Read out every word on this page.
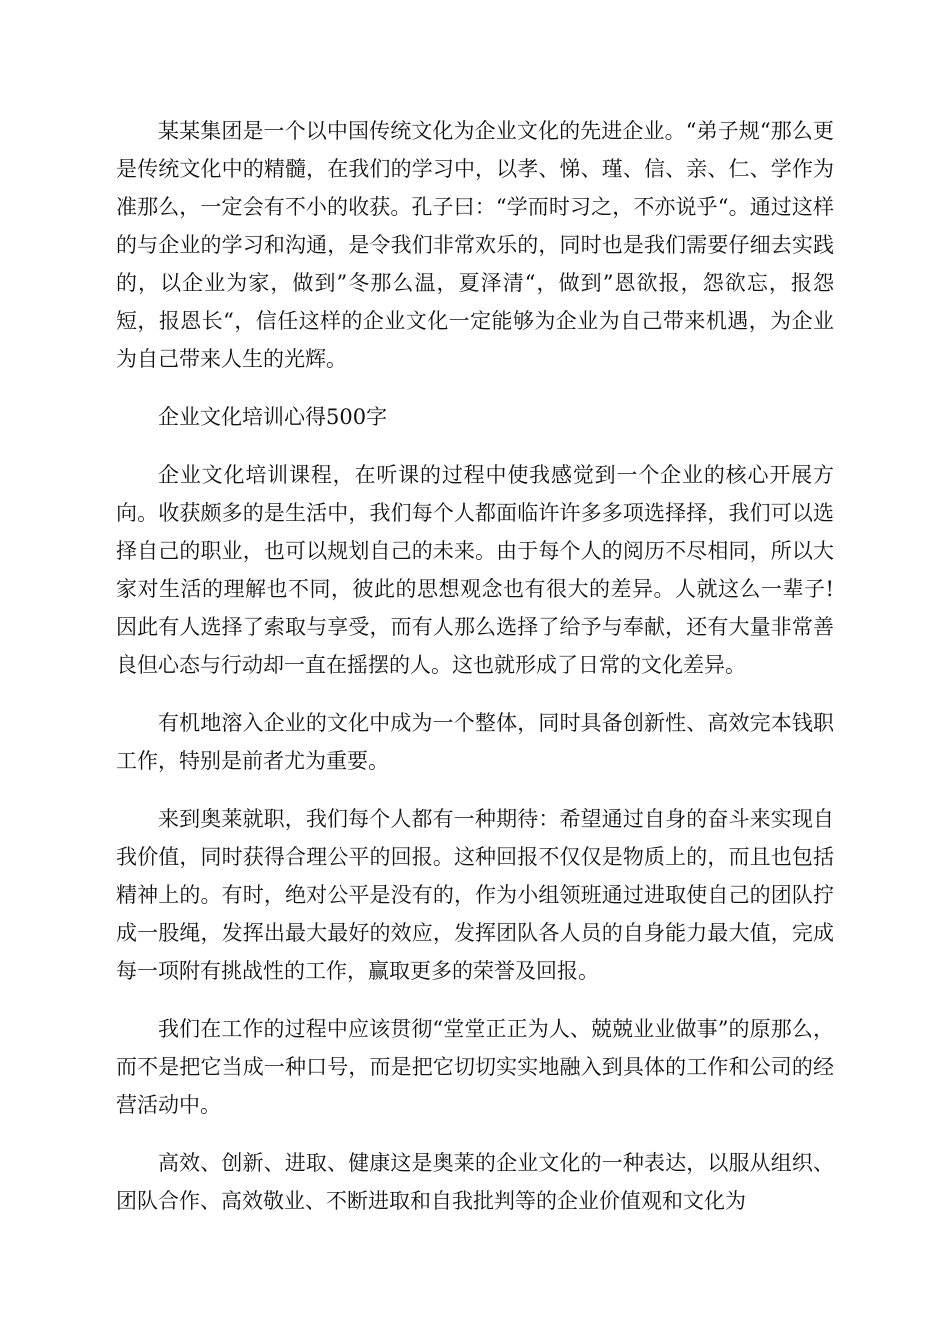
某某集团是一个以中国传统文化为企业文化的先进企业。“弟子规“那么更是传统文化中的精髓，在我们的学习中，以孝、悌、瑾、信、亲、仁、学作为准那么，一定会有不小的收获。孔子曰：“学而时习之，不亦说乎“。通过这样的与企业的学习和沟通，是令我们非常欢乐的，同时也是我们需要仔细去实践的，以企业为家，做到”冬那么温，夏泽清“，做到”恩欲报，怨欲忘，报怨短，报恩长“，信任这样的企业文化一定能够为企业为自己带来机遇，为企业为自己带来人生的光辉。

企业文化培训心得500字

企业文化培训课程，在听课的过程中使我感觉到一个企业的核心开展方向。收获颇多的是生活中，我们每个人都面临许许多多项选择择，我们可以选择自己的职业，也可以规划自己的未来。由于每个人的阅历不尽相同，所以大家对生活的理解也不同，彼此的思想观念也有很大的差异。人就这么一辈子!因此有人选择了索取与享受，而有人那么选择了给予与奉献，还有大量非常善良但心态与行动却一直在摇摆的人。这也就形成了日常的文化差异。

有机地溶入企业的文化中成为一个整体，同时具备创新性、高效完本钱职工作，特别是前者尤为重要。

来到奥莱就职，我们每个人都有一种期待：希望通过自身的奋斗来实现自我价值，同时获得合理公平的回报。这种回报不仅仅是物质上的，而且也包括精神上的。有时，绝对公平是没有的，作为小组领班通过进取使自己的团队拧成一股绳，发挥出最大最好的效应，发挥团队各人员的自身能力最大值，完成每一项附有挑战性的工作，赢取更多的荣誉及回报。

我们在工作的过程中应该贯彻“堂堂正正为人、兢兢业业做事”的原那么，而不是把它当成一种口号，而是把它切切实实地融入到具体的工作和公司的经营活动中。

高效、创新、进取、健康这是奥莱的企业文化的一种表达，以服从组织、团队合作、高效敬业、不断进取和自我批判等的企业价值观和文化为
